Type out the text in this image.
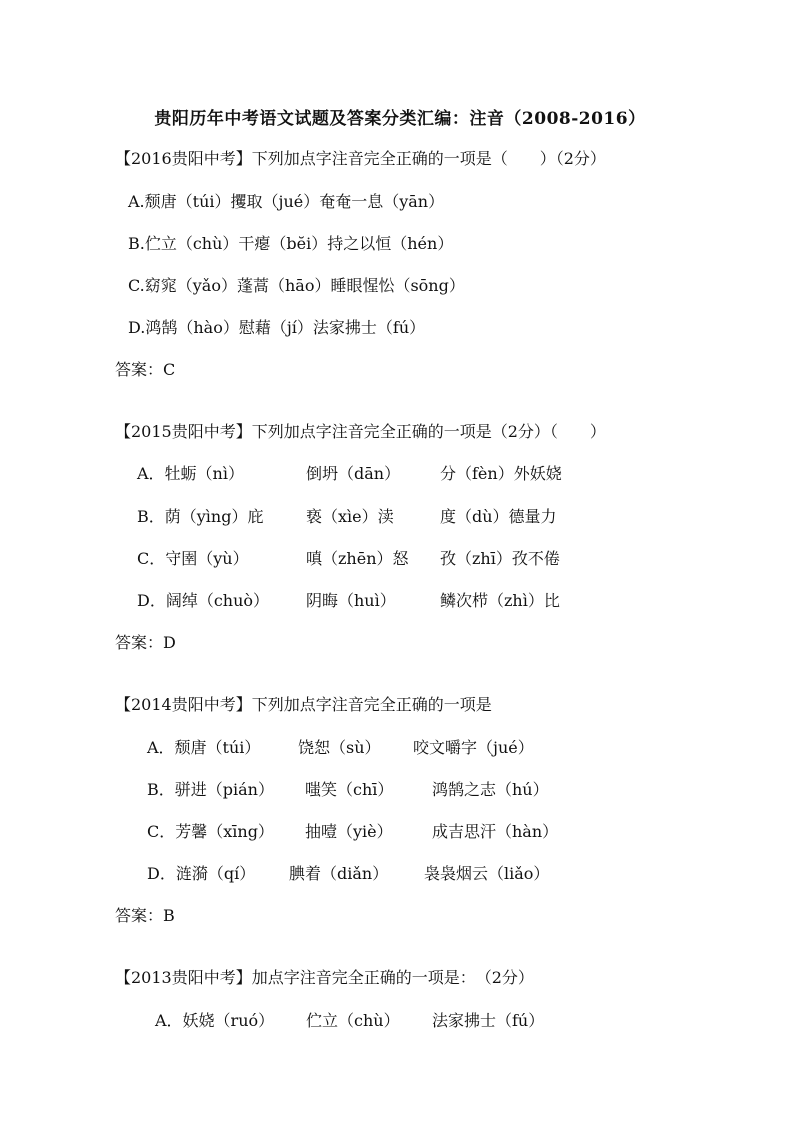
贵阳历年中考语文试题及答案分类汇编：注音（2008-2016）
【2016贵阳中考】下列加点字注音完全正确的一项是（　　）（2分）
A.颓唐（túi）攫取（jué）奄奄一息（yān）
B.伫立（chù）干瘪（bĕi）持之以恒（hén）
C.窈窕（yǎo）蓬蒿（hāo）睡眼惺忪（sōng）
D.鸿鹄（hào）慰藉（jí）法家拂士（fú）
答案：C
【2015贵阳中考】下列加点字注音完全正确的一项是（2分）（　　）
A．牡蛎（nì）	倒坍（dān） 分（fèn）外妖娆
B．荫（yìng）庇	亵（xìe）渎	度（dù）德量力
C．守圉（yù）	嗔（zhēn）怒 孜（zhī）孜不倦
D．阔绰（chuò） 阴晦（huì）	鳞次栉（zhì）比
答案：D
【2014贵阳中考】下列加点字注音完全正确的一项是
A．颓唐（túi） 饶恕（sù） 咬文嚼字（jué）
B．骈进（pián） 嗤笑（chī） 鸿鹄之志（hú）
C．芳馨（xīng） 抽噎（yiè） 成吉思汗（hàn）
D．涟漪（qí） 腆着（diǎn） 袅袅烟云（liǎo）
答案：B
【2013贵阳中考】加点字注音完全正确的一项是：　（2分）
A．妖娆（ruó） 伫立（chù） 法家拂士（fú）
